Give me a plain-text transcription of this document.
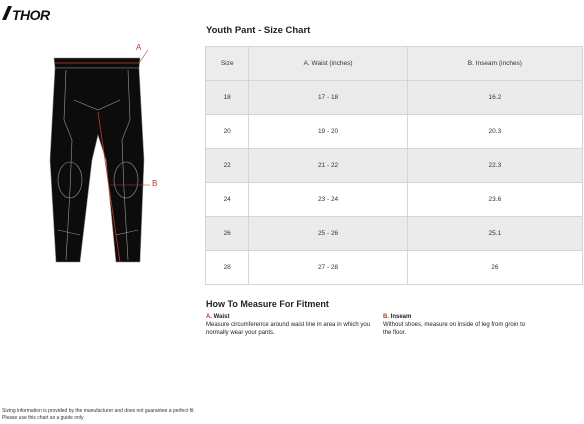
THOR
A
B
Youth Pant - Size Chart
Size	A. Waist (inches)	B. Inseam (inches)
18	17 - 18	16.2
20	19 - 20	20.3
22	21 - 22	22.3
24	23 - 24	23.6
26	25 - 26	25.1
28	27 - 28	26
How To Measure For Fitment
A. Waist
Measure circumference around waist line in area in which you normally wear your pants.
B. Inseam
Without shoes, measure on inside of leg from groin to the floor.
Sizing information is provided by the manufacturer and does not guarantee a perfect fit.
Please use this chart as a guide only
